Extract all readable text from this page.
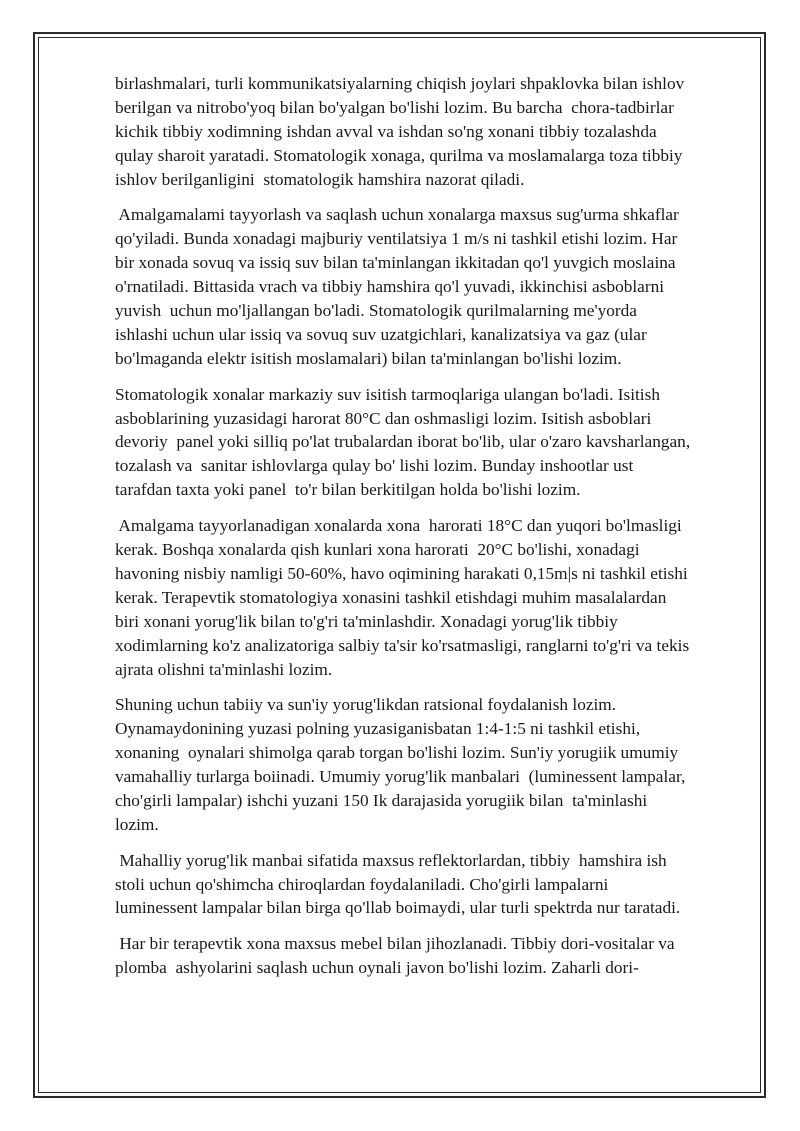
birlashmalari, turli kommunikatsiyalarning chiqish joylari shpaklovka bilan ishlov
berilgan va nitrobo'yoq bilan bo'yalgan bo'lishi lozim. Bu barcha  chora-tadbirlar
kichik tibbiy xodimning ishdan avval va ishdan so'ng xonani tibbiy tozalashda
qulay sharoit yaratadi. Stomatologik xonaga, qurilma va moslamalarga toza tibbiy
ishlov berilganligini  stomatologik hamshira nazorat qiladi.

Amalgamalami tayyorlash va saqlash uchun xonalarga maxsus sug'urma shkaflar
qo'yiladi. Bunda xonadagi majburiy ventilatsiya 1 m/s ni tashkil etishi lozim. Har
bir xonada sovuq va issiq suv bilan ta'minlangan ikkitadan qo'l yuvgich moslaina
o'rnatiladi. Bittasida vrach va tibbiy hamshira qo'l yuvadi, ikkinchisi asboblarni
yuvish  uchun mo'ljallangan bo'ladi. Stomatologik qurilmalarning me'yorda
ishlashi uchun ular issiq va sovuq suv uzatgichlari, kanalizatsiya va gaz (ular
bo'lmaganda elektr isitish moslamalari) bilan ta'minlangan bo'lishi lozim.

Stomatologik xonalar markaziy suv isitish tarmoqlariga ulangan bo'ladi. Isitish
asboblarining yuzasidagi harorat 80°C dan oshmasligi lozim. Isitish asboblari
devoriy  panel yoki silliq po'lat trubalardan iborat bo'lib, ular o'zaro kavsharlangan,
tozalash va  sanitar ishlovlarga qulay bo' lishi lozim. Bunday inshootlar ust
tarafdan taxta yoki panel  to'r bilan berkitilgan holda bo'lishi lozim.

Amalgama tayyorlanadigan xonalarda xona  harorati 18°C dan yuqori bo'lmasligi
kerak. Boshqa xonalarda qish kunlari xona harorati  20°C bo'lishi, xonadagi
havoning nisbiy namligi 50-60%, havo oqimining harakati 0,15m|s ni tashkil etishi
kerak. Terapevtik stomatologiya xonasini tashkil etishdagi muhim masalalardan
biri xonani yorug'lik bilan to'g'ri ta'minlashdir. Xonadagi yorug'lik tibbiy
xodimlarning ko'z analizatoriga salbiy ta'sir ko'rsatmasligi, ranglarni to'g'ri va tekis
ajrata olishni ta'minlashi lozim.

Shuning uchun tabiiy va sun'iy yorug'likdan ratsional foydalanish lozim.
Oynamaydonining yuzasi polning yuzasiganisbatan 1:4-1:5 ni tashkil etishi,
xonaning  oynalari shimolga qarab torgan bo'lishi lozim. Sun'iy yorugiik umumiy
vamahalliy turlarga boiinadi. Umumiy yorug'lik manbalari  (luminessent lampalar,
cho'girli lampalar) ishchi yuzani 150 Ik darajasida yorugiik bilan  ta'minlashi
lozim.

Mahalliy yorug'lik manbai sifatida maxsus reflektorlardan, tibbiy  hamshira ish
stoli uchun qo'shimcha chiroqlardan foydalaniladi. Cho'girli lampalarni
luminessent lampalar bilan birga qo'llab boimaydi, ular turli spektrda nur taratadi.

Har bir terapevtik xona maxsus mebel bilan jihozlanadi. Tibbiy dori-vositalar va
plomba  ashyolarini saqlash uchun oynali javon bo'lishi lozim. Zaharli dori-
